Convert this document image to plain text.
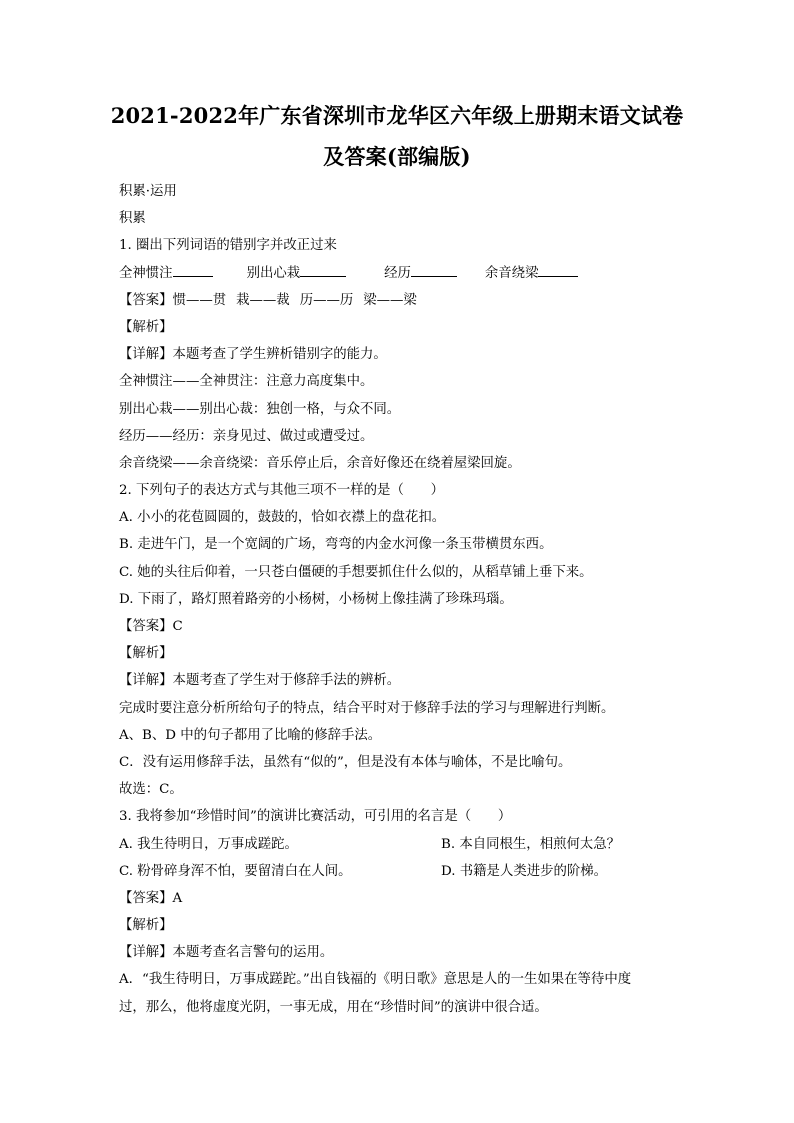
2021-2022年广东省深圳市龙华区六年级上册期末语文试卷
及答案(部编版)
积累·运用
积累
1. 圈出下列词语的错别字并改正过来
全神惯注	别出心栽	经历	余音绕梁
【答案】惯——贯 栽——裁 历——历 梁——梁
【解析】
【详解】本题考查了学生辨析错别字的能力。
全神惯注——全神贯注：注意力高度集中。
别出心栽——别出心裁：独创一格，与众不同。
经历——经历：亲身见过、做过或遭受过。
余音绕梁——余音绕梁：音乐停止后，余音好像还在绕着屋梁回旋。
2. 下列句子的表达方式与其他三项不一样的是（　　）
A. 小小的花苞圆圆的，鼓鼓的，恰如衣襟上的盘花扣。
B. 走进午门，是一个宽阔的广场，弯弯的内金水河像一条玉带横贯东西。
C. 她的头往后仰着，一只苍白僵硬的手想要抓住什么似的，从稻草铺上垂下来。
D. 下雨了，路灯照着路旁的小杨树，小杨树上像挂满了珍珠玛瑙。
【答案】C
【解析】
【详解】本题考查了学生对于修辞手法的辨析。
完成时要注意分析所给句子的特点，结合平时对于修辞手法的学习与理解进行判断。
A、B、D 中的句子都用了比喻的修辞手法。
C．没有运用修辞手法，虽然有“似的”，但是没有本体与喻体，不是比喻句。
故选：C。
3. 我将参加“珍惜时间”的演讲比赛活动，可引用的名言是（　　）
A. 我生待明日，万事成蹉跎。	B. 本自同根生，相煎何太急？
C. 粉骨碎身浑不怕，要留清白在人间。	D. 书籍是人类进步的阶梯。
【答案】A
【解析】
【详解】本题考查名言警句的运用。
A．“我生待明日，万事成蹉跎。”出自钱福的《明日歌》意思是人的一生如果在等待中度
过，那么，他将虚度光阴，一事无成，用在“珍惜时间”的演讲中很合适。
